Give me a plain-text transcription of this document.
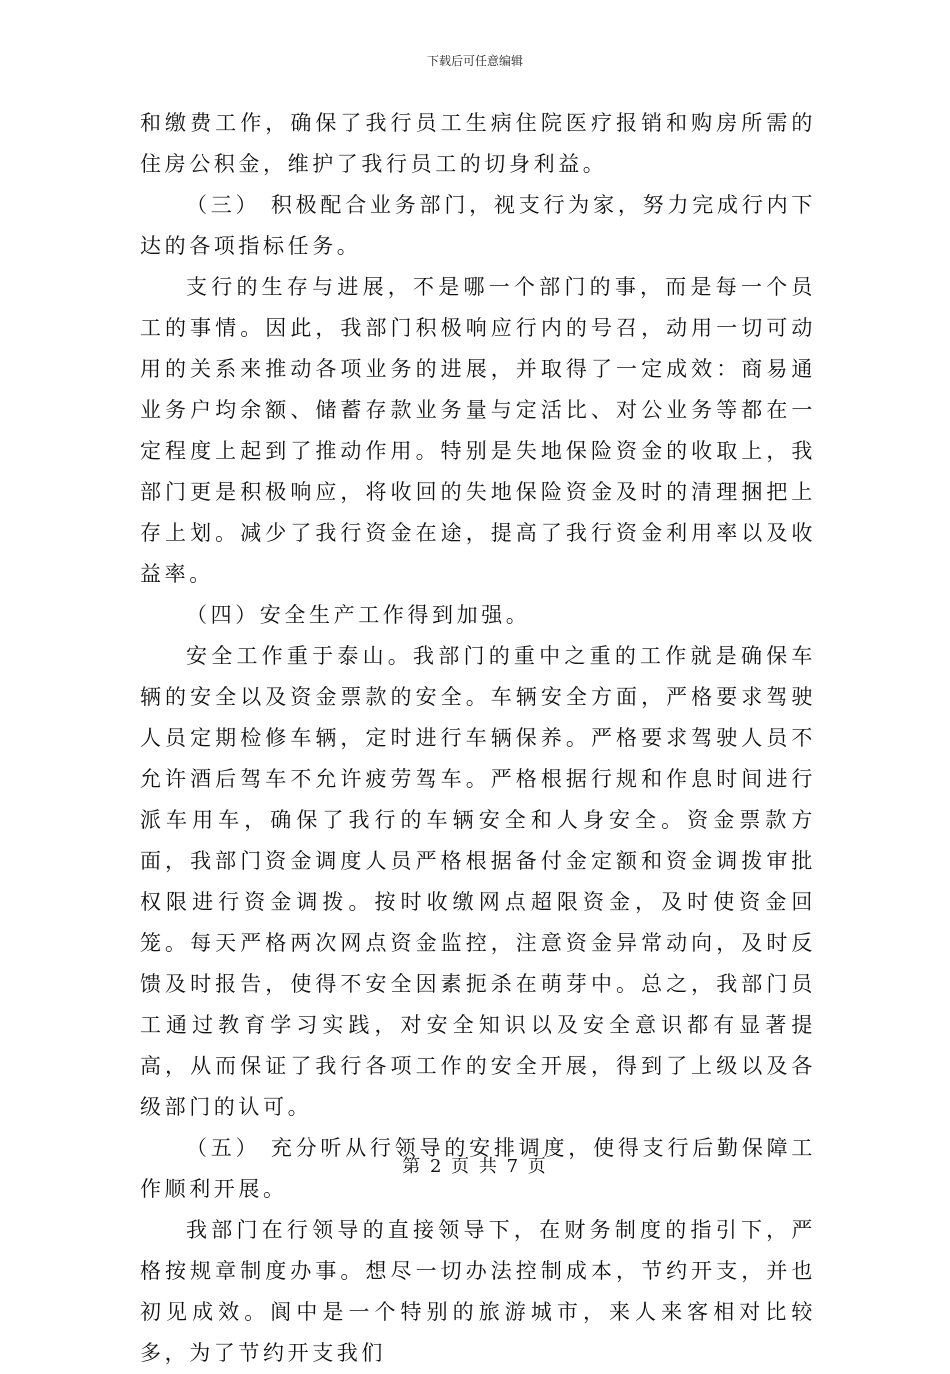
下载后可任意编辑

和缴费工作，确保了我行员工生病住院医疗报销和购房所需的住房公积金，维护了我行员工的切身利益。

（三） 积极配合业务部门，视支行为家，努力完成行内下达的各项指标任务。

支行的生存与进展，不是哪一个部门的事，而是每一个员工的事情。因此，我部门积极响应行内的号召，动用一切可动用的关系来推动各项业务的进展，并取得了一定成效：商易通业务户均余额、储蓄存款业务量与定活比、对公业务等都在一定程度上起到了推动作用。特别是失地保险资金的收取上，我部门更是积极响应，将收回的失地保险资金及时的清理捆把上存上划。减少了我行资金在途，提高了我行资金利用率以及收益率。

（四）安全生产工作得到加强。

安全工作重于泰山。我部门的重中之重的工作就是确保车辆的安全以及资金票款的安全。车辆安全方面，严格要求驾驶人员定期检修车辆，定时进行车辆保养。严格要求驾驶人员不允许酒后驾车不允许疲劳驾车。严格根据行规和作息时间进行派车用车，确保了我行的车辆安全和人身安全。资金票款方面，我部门资金调度人员严格根据备付金定额和资金调拨审批权限进行资金调拨。按时收缴网点超限资金，及时使资金回笼。每天严格两次网点资金监控，注意资金异常动向，及时反馈及时报告，使得不安全因素扼杀在萌芽中。总之，我部门员工通过教育学习实践，对安全知识以及安全意识都有显著提高，从而保证了我行各项工作的安全开展，得到了上级以及各级部门的认可。

（五） 充分听从行领导的安排调度，使得支行后勤保障工作顺利开展。

我部门在行领导的直接领导下，在财务制度的指引下，严格按规章制度办事。想尽一切办法控制成本，节约开支，并也初见成效。阆中是一个特别的旅游城市，来人来客相对比较多，为了节约开支我们

第 2 页 共 7 页
